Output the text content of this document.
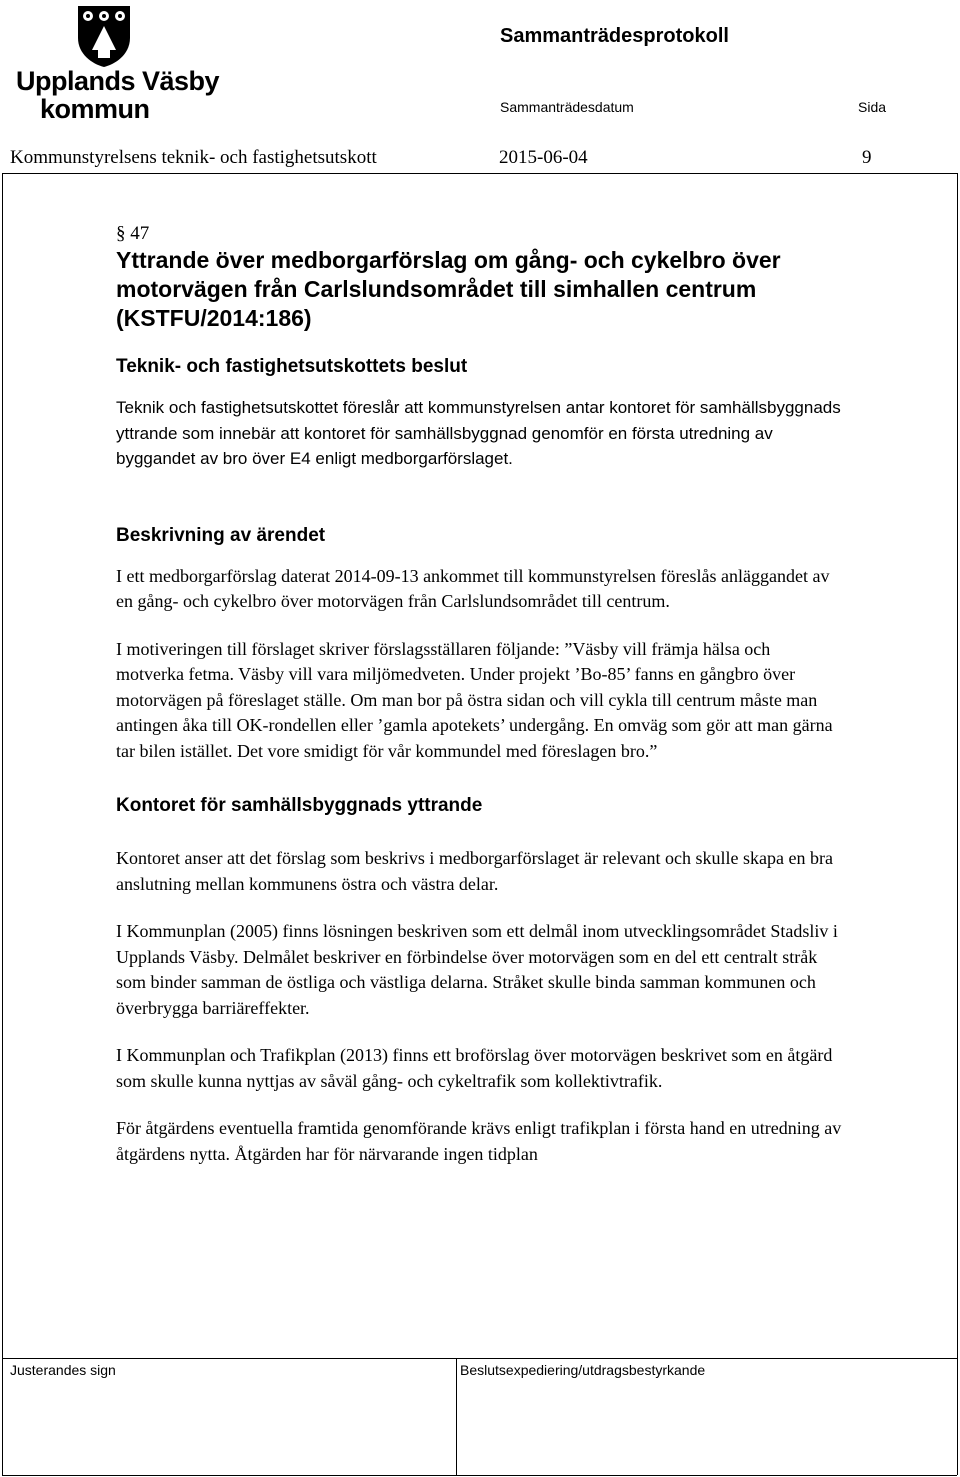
Upplands Väsby
kommun
Sammanträdesprotokoll
Sammanträdesdatum	Sida
Kommunstyrelsens teknik- och fastighetsutskott	2015-06-04	9

§ 47

Yttrande över medborgarförslag om gång- och cykelbro över motorvägen från Carlslundsområdet till simhallen centrum (KSTFU/2014:186)
Teknik- och fastighetsutskottets beslut

Teknik och fastighetsutskottet föreslår att kommunstyrelsen antar kontoret för samhällsbyggnads yttrande som innebär att kontoret för samhällsbyggnad genomför en första utredning av byggandet av bro över E4 enligt medborgarförslaget.

Beskrivning av ärendet

I ett medborgarförslag daterat 2014-09-13 ankommet till kommunstyrelsen föreslås anläggandet av en gång- och cykelbro över motorvägen från Carlslundsområdet till centrum.

I motiveringen till förslaget skriver förslagsställaren följande: ”Väsby vill främja hälsa och motverka fetma. Väsby vill vara miljömedveten. Under projekt ’Bo-85’ fanns en gångbro över motorvägen på föreslaget ställe. Om man bor på östra sidan och vill cykla till centrum måste man antingen åka till OK-rondellen eller ’gamla apotekets’ undergång. En omväg som gör att man gärna tar bilen istället. Det vore smidigt för vår kommundel med föreslagen bro.”

Kontoret för samhällsbyggnads yttrande

Kontoret anser att det förslag som beskrivs i medborgarförslaget är relevant och skulle skapa en bra anslutning mellan kommunens östra och västra delar.

I Kommunplan (2005) finns lösningen beskriven som ett delmål inom utvecklingsområdet Stadsliv i Upplands Väsby. Delmålet beskriver en förbindelse över motorvägen som en del ett centralt stråk som binder samman de östliga och västliga delarna. Stråket skulle binda samman kommunen och överbrygga barriäreffekter.

I Kommunplan och Trafikplan (2013) finns ett broförslag över motorvägen beskrivet som en åtgärd som skulle kunna nyttjas av såväl gång- och cykeltrafik som kollektivtrafik.

För åtgärdens eventuella framtida genomförande krävs enligt trafikplan i första hand en utredning av åtgärdens nytta. Åtgärden har för närvarande ingen tidplan

Justerandes sign	Beslutsexpediering/utdragsbestyrkande
